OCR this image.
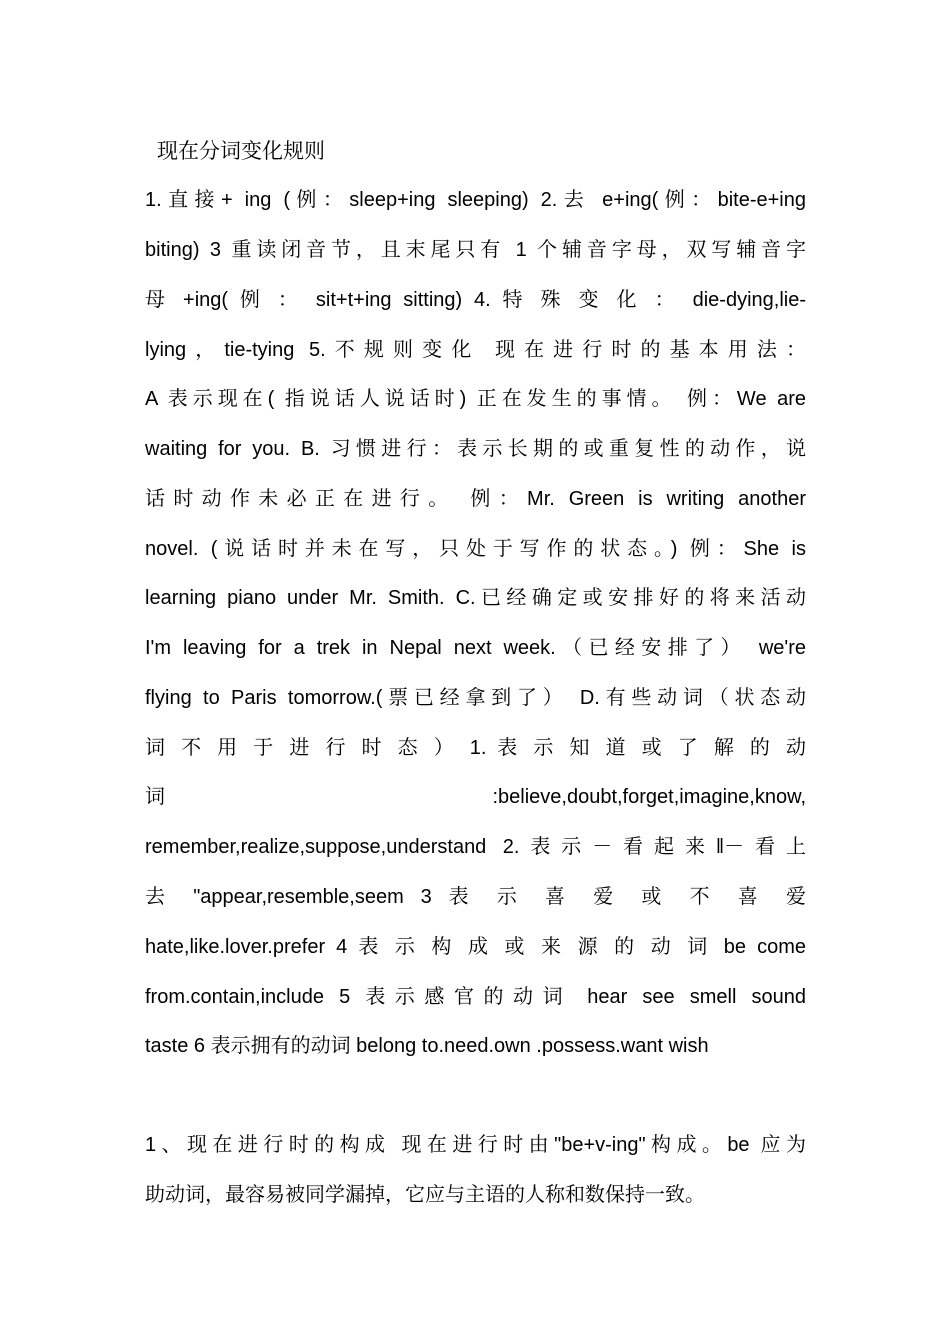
现在分词变化规则
1.直接+ ing (例：sleep+ing sleeping) 2.去 e+ing(例：bite-e+ing
biting) 3 重读闭音节，且末尾只有 1 个辅音字母，双写辅音字
母 +ing( 例 ： sit+t+ing sitting) 4. 特 殊 变 化 ： die-dying,lie-
lying，tie-tying 5.不规则变化 现在进行时的基本用法：
A 表示现在( 指说话人说话时) 正在发生的事情。 例：We are
waiting for you. B. 习惯进行：表示长期的或重复性的动作，说
话时动作未必正在进行。 例：Mr. Green is writing another
novel. (说话时并未在写，只处于写作的状态。) 例：She is
learning piano under Mr. Smith. C.已经确定或安排好的将来活动
I'm leaving for a trek in Nepal next week.（已经安排了） we're
flying to Paris tomorrow.(票已经拿到了） D.有些动词（状态动
词 不 用 于 进 行 时 态 ） 1. 表 示 知 道 或 了 解 的 动
词 :believe,doubt,forget,imagine,know,
remember,realize,suppose,understand 2.表示－看起来‖－看上
去 "appear,resemble,seem 3 表 示 喜 爱 或 不 喜 爱
hate,like.lover.prefer 4 表 示 构 成 或 来 源 的 动 词 be come
from.contain,include 5 表示感官的动词 hear see smell sound
taste 6 表示拥有的动词 belong to.need.own .possess.want wish
1、现在进行时的构成 现在进行时由"be+v-ing"构成。be 应为
助动词，最容易被同学漏掉，它应与主语的人称和数保持一致。
